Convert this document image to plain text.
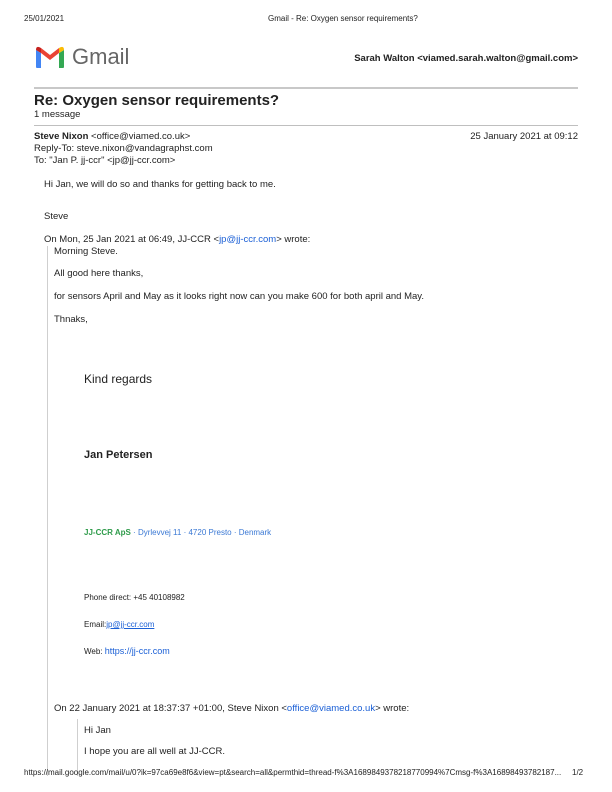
25/01/2021	Gmail - Re: Oxygen sensor requirements?
Gmail	Sarah Walton <viamed.sarah.walton@gmail.com>
Re: Oxygen sensor requirements?
1 message
Steve Nixon <office@viamed.co.uk>	25 January 2021 at 09:12
Reply-To: steve.nixon@vandagraphst.com
To: "Jan P. jj-ccr" <jp@jj-ccr.com>
Hi Jan, we will do so and thanks for getting back to me.
Steve
On Mon, 25 Jan 2021 at 06:49, JJ-CCR <jp@jj-ccr.com> wrote:
Morning Steve.
All good here thanks,
for sensors April and May as it looks right now can you make 600 for both april and May.
Thnaks,
Kind regards
Jan Petersen
JJ-CCR ApS · Dyrlevvej 11 · 4720 Presto · Denmark
Phone direct: +45 40108982
Email:jp@jj-ccr.com
Web: https://jj-ccr.com
On 22 January 2021 at 18:37:37 +01:00, Steve Nixon <office@viamed.co.uk> wrote:
Hi Jan
I hope you are all well at JJ-CCR.
https://mail.google.com/mail/u/0?ik=97ca69e8f6&view=pt&search=all&permthid=thread-f%3A1689849378218770994%7Cmsg-f%3A16898493782187...	1/2
